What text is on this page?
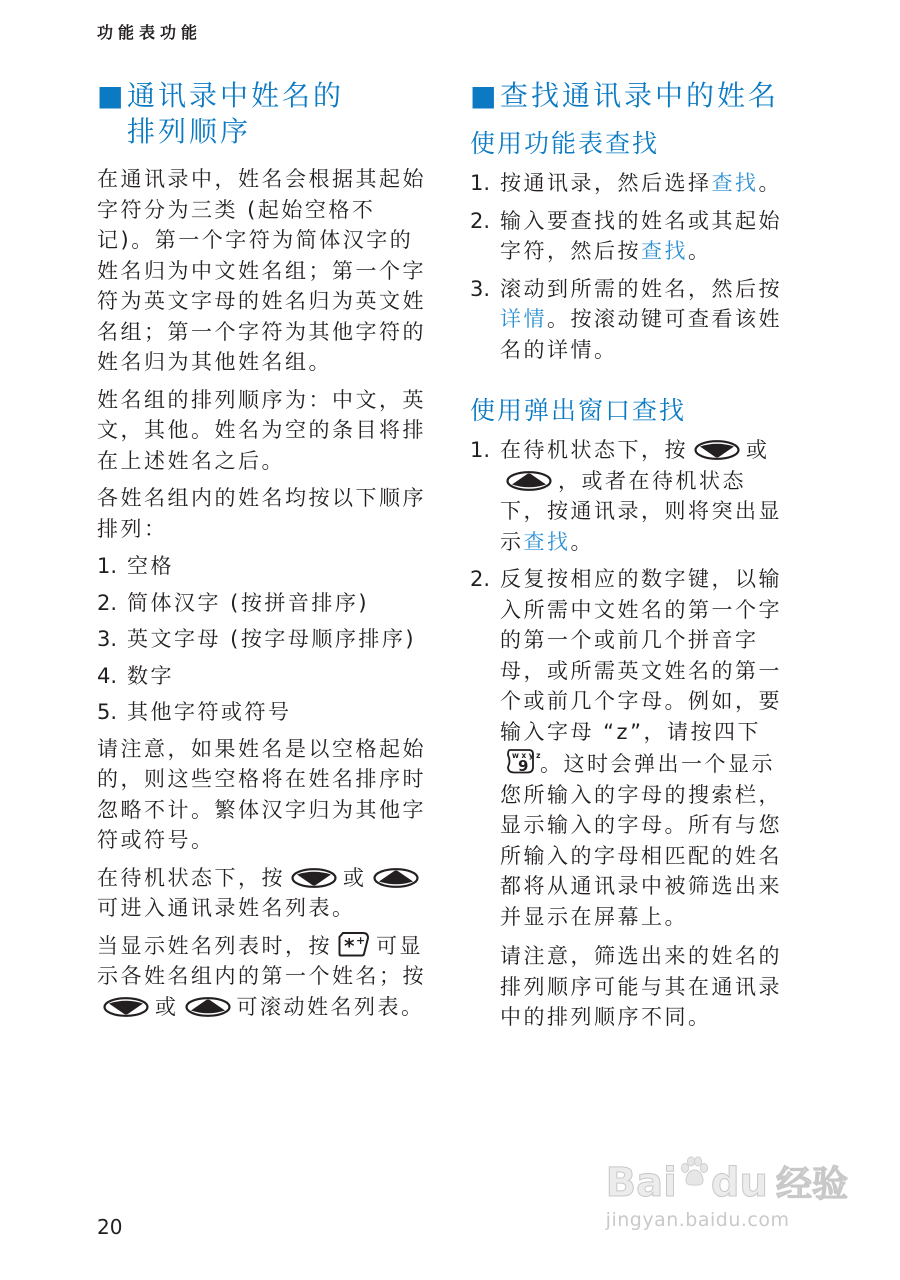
功能表功能
■ 通讯录中姓名的
排列顺序

在通讯录中，姓名会根据其起始字符分为三类 (起始空格不记)。第一个字符为简体汉字的姓名归为中文姓名组；第一个字符为英文字母的姓名归为英文姓名组；第一个字符为其他字符的姓名归为其他姓名组。

姓名组的排列顺序为：中文，英文，其他。姓名为空的条目将排在上述姓名之后。

各姓名组内的姓名均按以下顺序排列：

1. 空格
2. 简体汉字 (按拼音排序)
3. 英文字母 (按字母顺序排序)
4. 数字
5. 其他字符或符号

请注意，如果姓名是以空格起始的，则这些空格将在姓名排序时忽略不计。繁体汉字归为其他字符或符号。

在待机状态下，按	或可进入通讯录姓名列表。

当显示姓名列表时，按 * + 可显示各姓名组内的第一个姓名；按或	可滚动姓名列表。

■ 查找通讯录中的姓名
使用功能表查找
1. 按通讯录，然后选择查找。
2. 输入要查找的姓名或其起始字符，然后按查找。
3. 滚动到所需的姓名，然后按详情。按滚动键可查看该姓名的详情。
使用弹出窗口查找
1. 在待机状态下，按	或，或者在待机状态下，按通讯录，则将突出显示查找。
2. 反复按相应的数字键，以输入所需中文姓名的第一个字的第一个或前几个拼音字母，或所需英文姓名的第一个或前几个字母。例如，要输入字母 “z”，请按四下
wxyz
9 。这时会弹出一个显示您所输入的字母的搜索栏，显示输入的字母。所有与您所输入的字母相匹配的姓名都将从通讯录中被筛选出来并显示在屏幕上。

请注意，筛选出来的姓名的排列顺序可能与其在通讯录中的排列顺序不同。

20
Bai du 经验
jingyan.baidu.com
